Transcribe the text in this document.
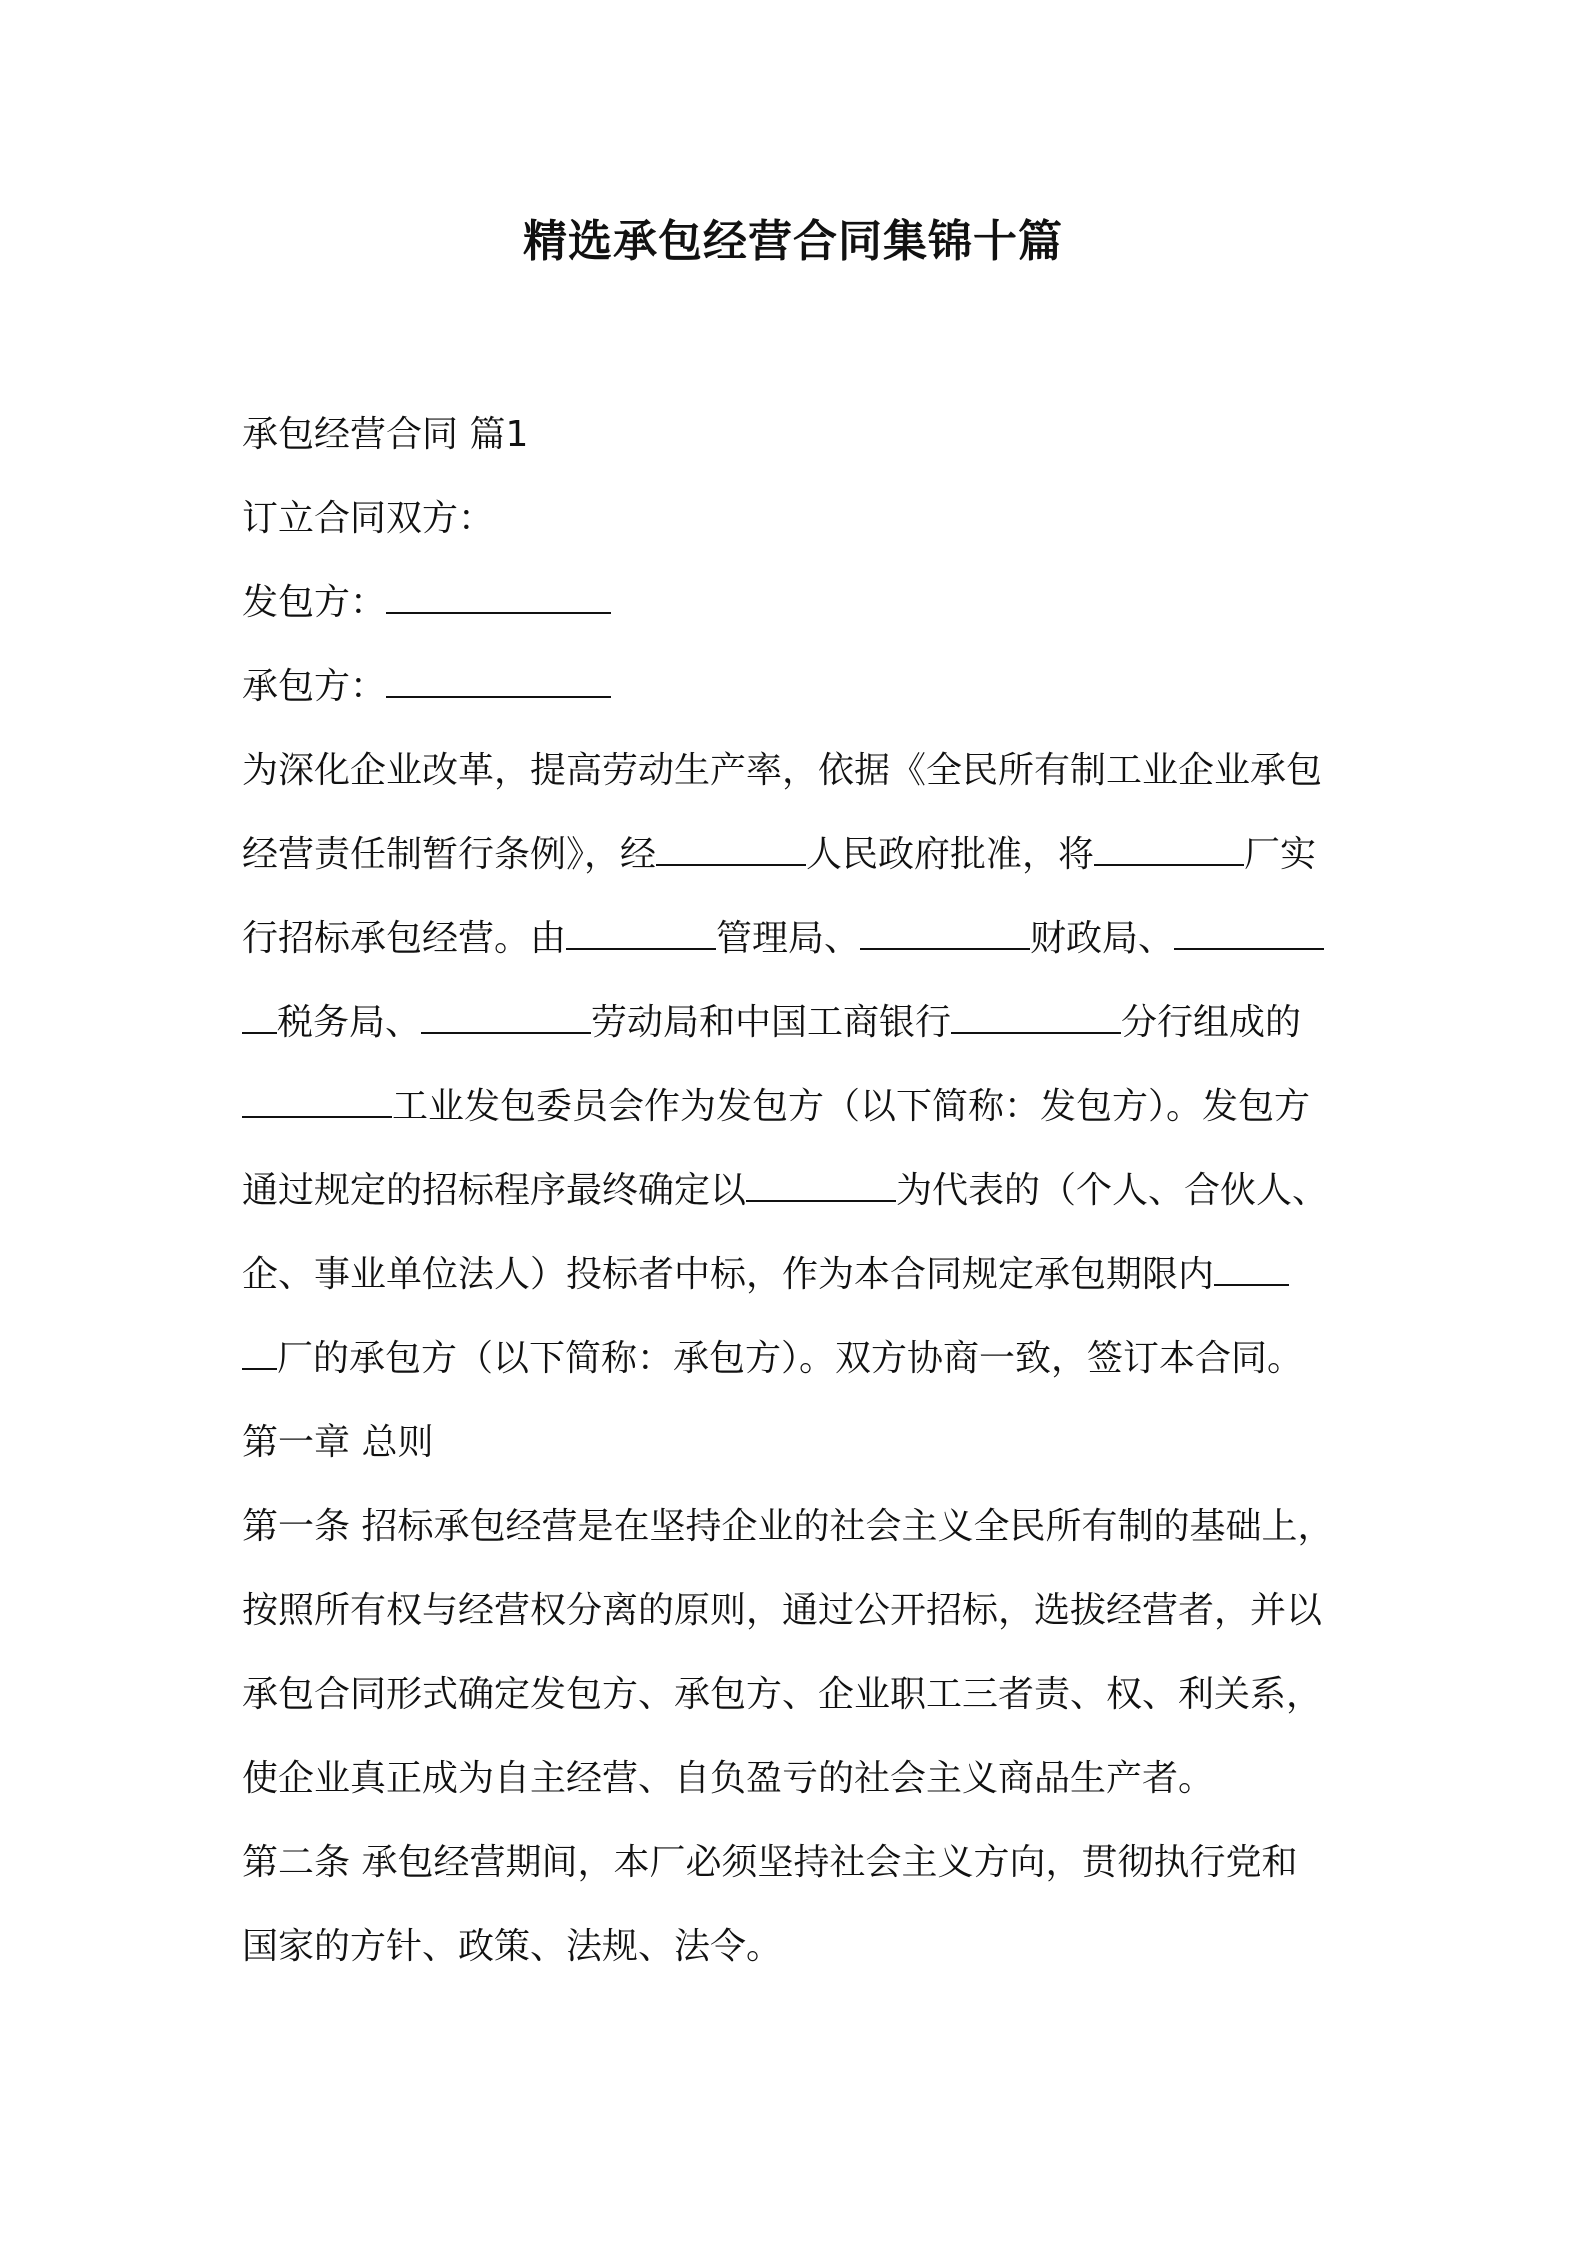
精选承包经营合同集锦十篇
承包经营合同 篇1
订立合同双方：
发包方：
承包方：
为深化企业改革，提高劳动生产率，依据《全民所有制工业企业承包
经营责任制暂行条例》，经	人民政府批准，将	厂实
行招标承包经营。由	管理局、	财政局、
税务局、	劳动局和中国工商银行	分行组成的
工业发包委员会作为发包方（以下简称：发包方）。发包方
通过规定的招标程序最终确定以	为代表的（个人、合伙人、
企、事业单位法人）投标者中标，作为本合同规定承包期限内
厂的承包方（以下简称：承包方）。双方协商一致，签订本合同。
第一章 总则
第一条 招标承包经营是在坚持企业的社会主义全民所有制的基础上，
按照所有权与经营权分离的原则，通过公开招标，选拔经营者，并以
承包合同形式确定发包方、承包方、企业职工三者责、权、利关系，
使企业真正成为自主经营、自负盈亏的社会主义商品生产者。
第二条 承包经营期间，本厂必须坚持社会主义方向，贯彻执行党和
国家的方针、政策、法规、法令。
